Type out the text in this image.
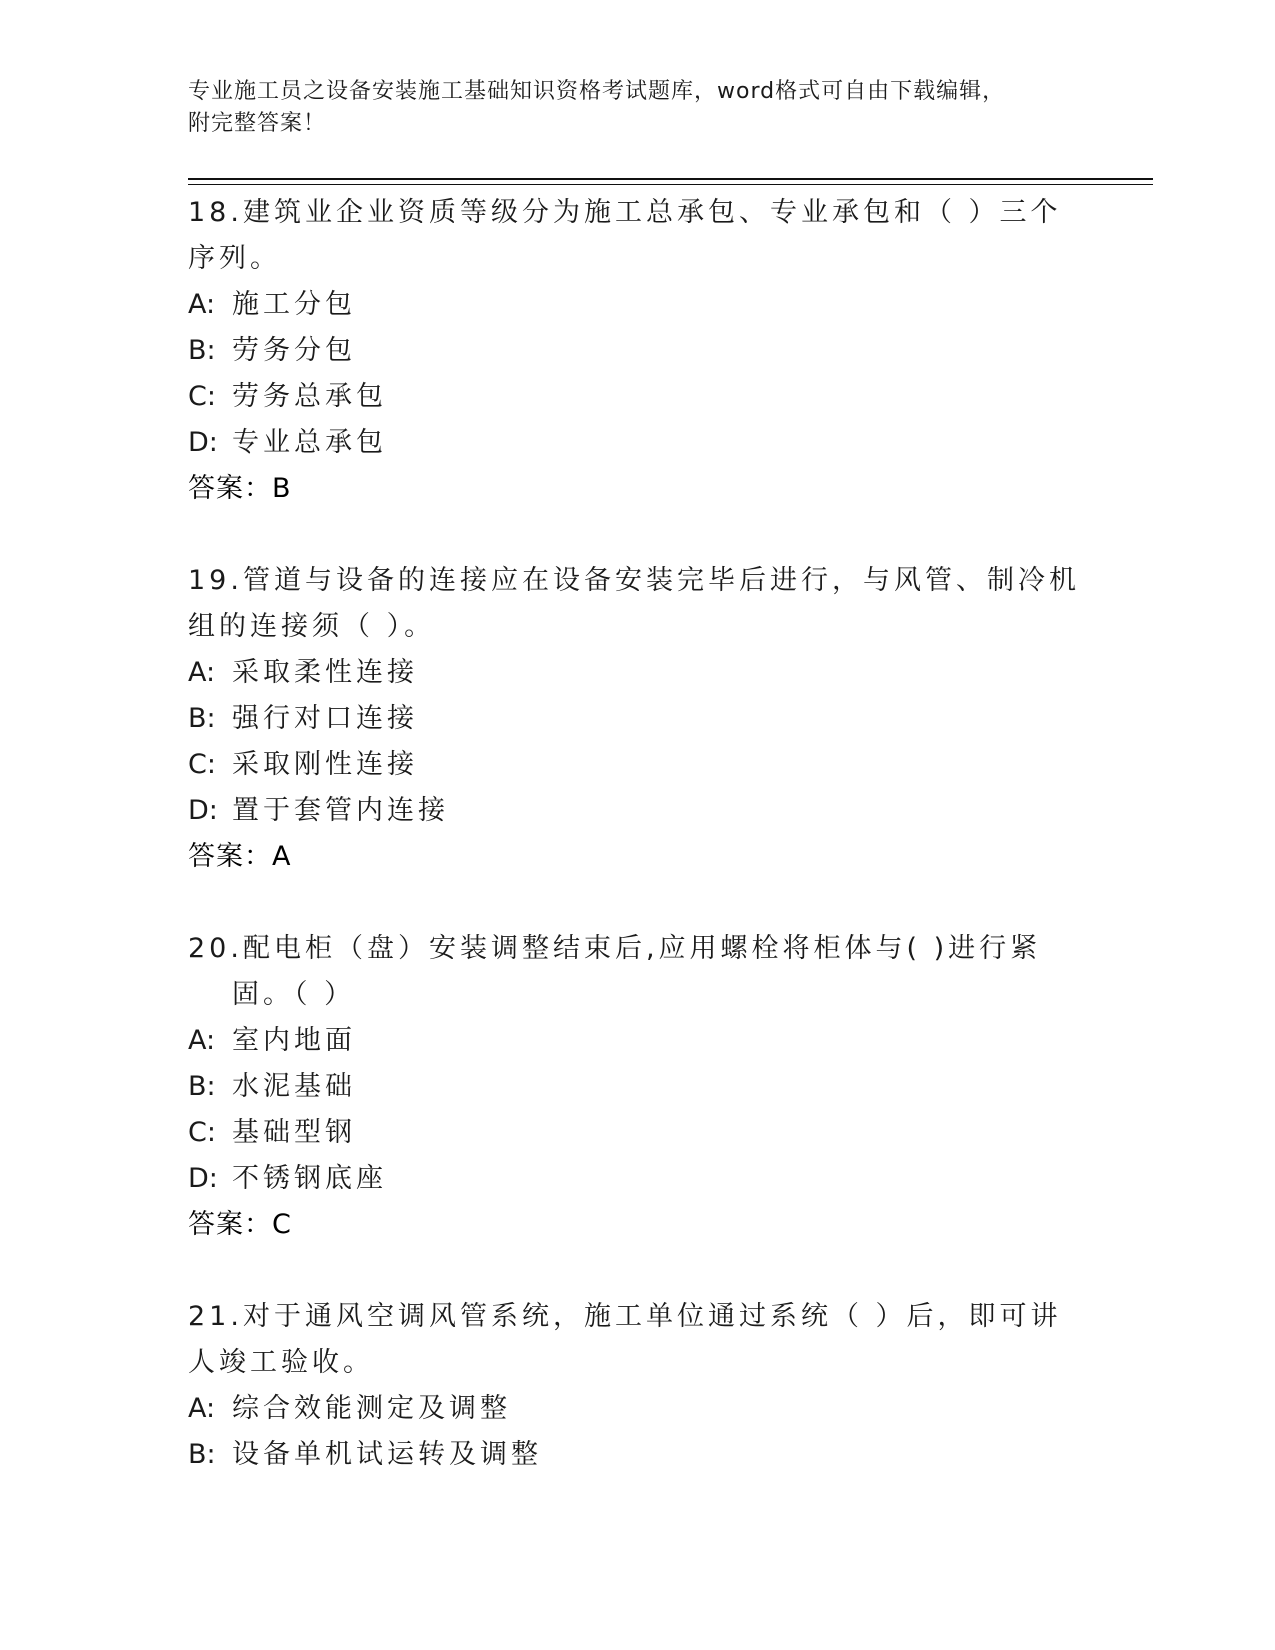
专业施工员之设备安装施工基础知识资格考试题库，word格式可自由下载编辑，
附完整答案！

18.建筑业企业资质等级分为施工总承包、专业承包和（ ）三个序列。

A: 施工分包

B: 劳务分包

C: 劳务总承包

D: 专业总承包

答案：B

19.管道与设备的连接应在设备安装完毕后进行，与风管、制冷机组的连接须（ ）。

A: 采取柔性连接

B: 强行对口连接

C: 采取刚性连接

D: 置于套管内连接

答案：A

20.配电柜（盘）安装调整结束后,应用螺栓将柜体与( )进行紧固。（ ）

A: 室内地面

B: 水泥基础

C: 基础型钢

D: 不锈钢底座

答案：C

21.对于通风空调风管系统，施工单位通过系统（ ）后，即可讲人竣工验收。

A: 综合效能测定及调整

B: 设备单机试运转及调整
